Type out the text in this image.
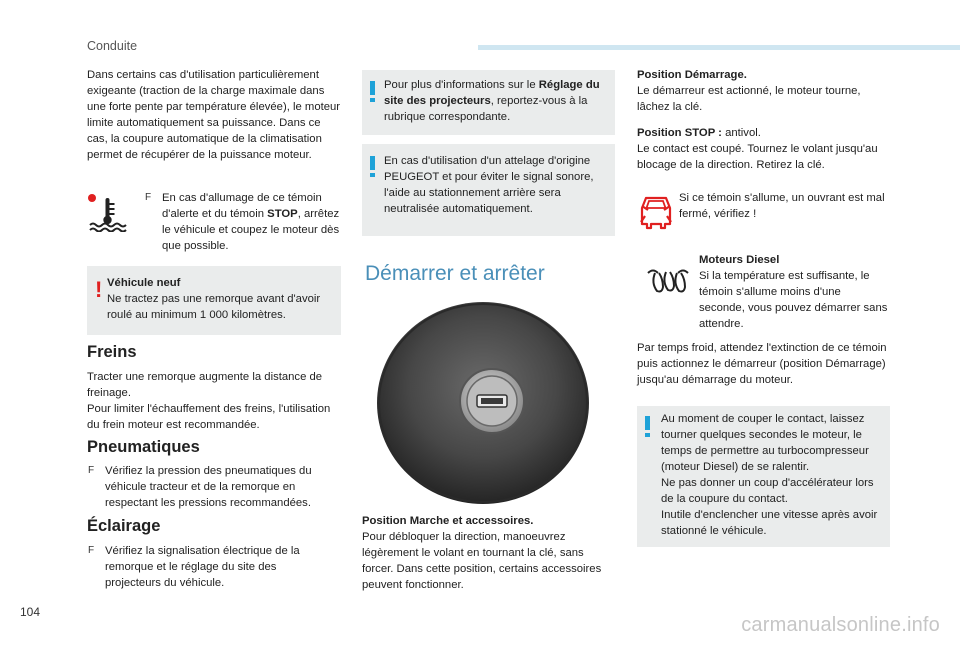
Conduite
Dans certains cas d'utilisation particulièrement exigeante (traction de la charge maximale dans une forte pente par température élevée), le moteur limite automatiquement sa puissance. Dans ce cas, la coupure automatique de la climatisation permet de récupérer de la puissance moteur.
F En cas d'allumage de ce témoin d'alerte et du témoin STOP, arrêtez le véhicule et coupez le moteur dès que possible.
! Véhicule neuf
Ne tractez pas une remorque avant d'avoir roulé au minimum 1 000 kilomètres.
Freins
Tracter une remorque augmente la distance de freinage.
Pour limiter l'échauffement des freins, l'utilisation du frein moteur est recommandée.
Pneumatiques
F Vérifiez la pression des pneumatiques du véhicule tracteur et de la remorque en respectant les pressions recommandées.
Éclairage
F Vérifiez la signalisation électrique de la remorque et le réglage du site des projecteurs du véhicule.
Pour plus d'informations sur le Réglage du site des projecteurs, reportez-vous à la rubrique correspondante.
En cas d'utilisation d'un attelage d'origine PEUGEOT et pour éviter le signal sonore, l'aide au stationnement arrière sera neutralisée automatiquement.
Démarrer et arrêter
Position Marche et accessoires.
Pour débloquer la direction, manoeuvrez légèrement le volant en tournant la clé, sans forcer. Dans cette position, certains accessoires peuvent fonctionner.
Position Démarrage.
Le démarreur est actionné, le moteur tourne, lâchez la clé.
Position STOP : antivol.
Le contact est coupé. Tournez le volant jusqu'au blocage de la direction. Retirez la clé.
Si ce témoin s'allume, un ouvrant est mal fermé, vérifiez !
Moteurs Diesel
Si la température est suffisante, le témoin s'allume moins d'une seconde, vous pouvez démarrer sans attendre.
Par temps froid, attendez l'extinction de ce témoin puis actionnez le démarreur (position Démarrage) jusqu'au démarrage du moteur.
Au moment de couper le contact, laissez tourner quelques secondes le moteur, le temps de permettre au turbocompresseur (moteur Diesel) de se ralentir.
Ne pas donner un coup d'accélérateur lors de la coupure du contact.
Inutile d'enclencher une vitesse après avoir stationné le véhicule.
104
carmanualsonline.info
